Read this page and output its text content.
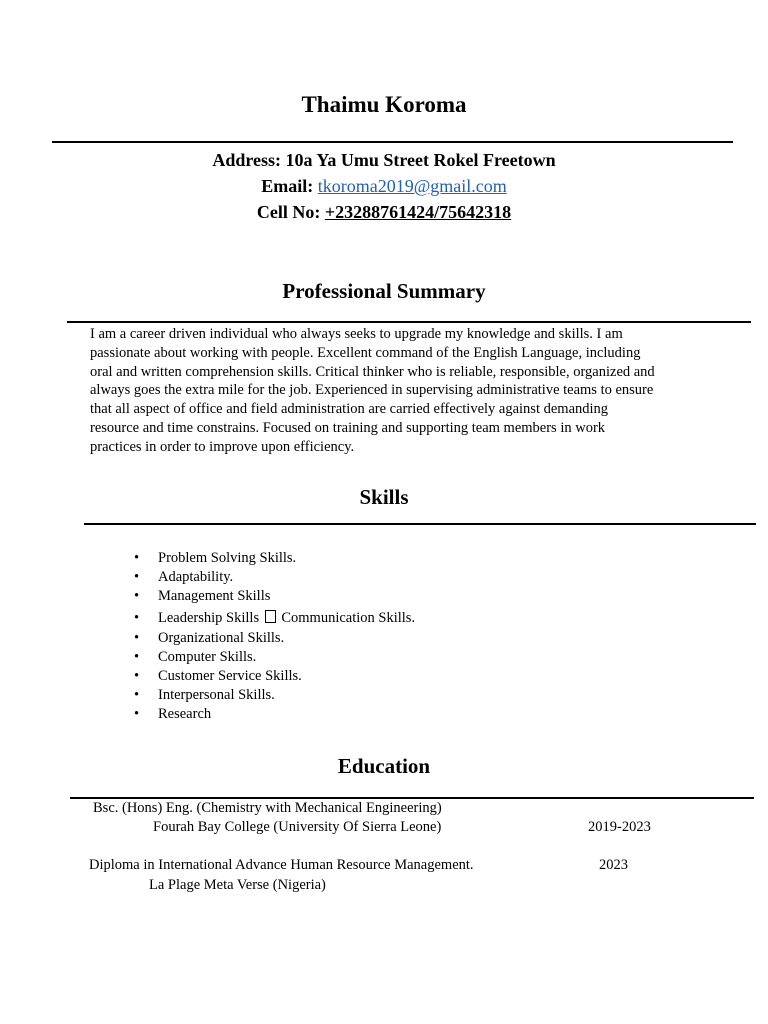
Thaimu Koroma
Address: 10a Ya Umu Street Rokel Freetown
Email: tkoroma2019@gmail.com
Cell No: +23288761424/75642318
Professional Summary
I am a career driven individual who always seeks to upgrade my knowledge and skills. I am
passionate about working with people. Excellent command of the English Language, including
oral and written comprehension skills. Critical thinker who is reliable, responsible, organized and
always goes the extra mile for the job. Experienced in supervising administrative teams to ensure
that all aspect of office and field administration are carried effectively against demanding
resource and time constrains. Focused on training and supporting team members in work
practices in order to improve upon efficiency.
Skills
• Problem Solving Skills.
• Adaptability.
• Management Skills
• Leadership Skills Communication Skills.
• Organizational Skills.
• Computer Skills.
• Customer Service Skills.
• Interpersonal Skills.
• Research
Education
Bsc. (Hons) Eng. (Chemistry with Mechanical Engineering)
Fourah Bay College (University Of Sierra Leone)	2019-2023
Diploma in International Advance Human Resource Management.	2023
La Plage Meta Verse (Nigeria)
